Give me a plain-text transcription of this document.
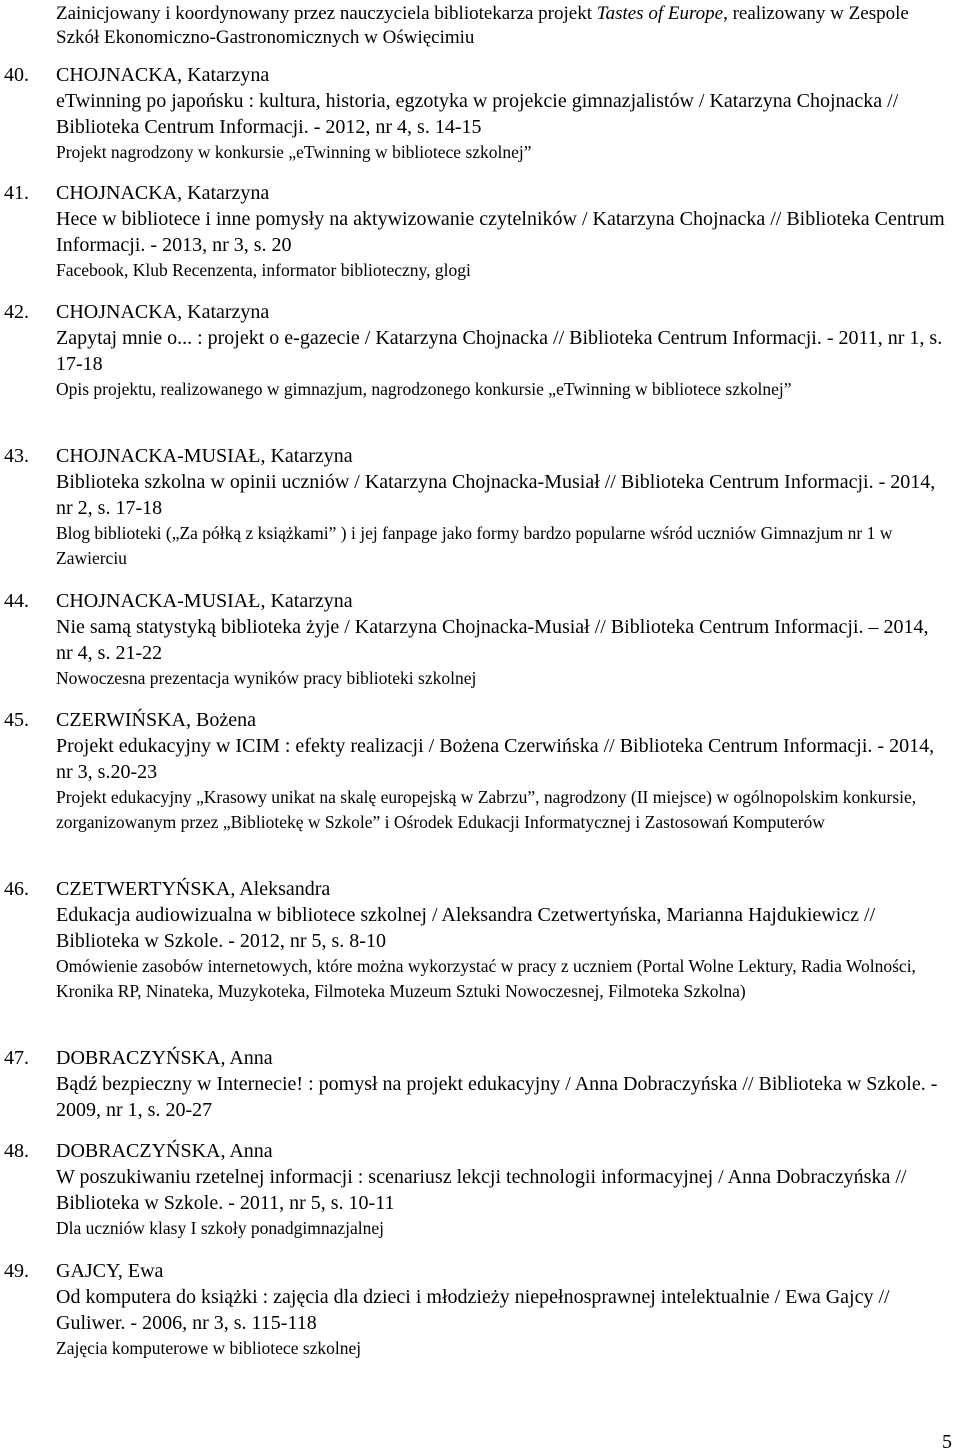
Zainicjowany i koordynowany przez nauczyciela bibliotekarza projekt Tastes of Europe, realizowany w Zespole Szkół Ekonomiczno-Gastronomicznych w Oświęcimiu
40. CHOJNACKA, Katarzyna
eTwinning po japońsku : kultura, historia, egzotyka w projekcie gimnazjalistów / Katarzyna Chojnacka // Biblioteka Centrum Informacji. - 2012, nr 4, s. 14-15
Projekt nagrodzony w konkursie „eTwinning w bibliotece szkolnej”
41. CHOJNACKA, Katarzyna
Hece w bibliotece i inne pomysły na aktywizowanie czytelników / Katarzyna Chojnacka // Biblioteka Centrum Informacji. - 2013, nr 3, s. 20
Facebook, Klub Recenzenta, informator biblioteczny, glogi
42. CHOJNACKA, Katarzyna
Zapytaj mnie o... : projekt o e-gazecie / Katarzyna Chojnacka // Biblioteka Centrum Informacji. - 2011, nr 1, s. 17-18
Opis projektu, realizowanego w gimnazjum, nagrodzonego konkursie „eTwinning w bibliotece szkolnej”
43. CHOJNACKA-MUSIAŁ, Katarzyna
Biblioteka szkolna w opinii uczniów / Katarzyna Chojnacka-Musiał // Biblioteka Centrum Informacji. - 2014, nr 2, s. 17-18
Blog biblioteki („Za półką z książkami” ) i jej fanpage jako formy bardzo popularne wśród uczniów Gimnazjum nr 1 w Zawierciu
44. CHOJNACKA-MUSIAŁ, Katarzyna
Nie samą statystyką biblioteka żyje / Katarzyna Chojnacka-Musiał // Biblioteka Centrum Informacji. – 2014, nr 4, s. 21-22
Nowoczesna prezentacja wyników pracy biblioteki szkolnej
45. CZERWIŃSKA, Bożena
Projekt edukacyjny w ICIM : efekty realizacji / Bożena Czerwińska // Biblioteka Centrum Informacji. - 2014, nr 3, s.20-23
Projekt edukacyjny „Krasowy unikat na skalę europejską w Zabrzu”, nagrodzony (II miejsce) w ogólnopolskim konkursie, zorganizowanym przez „Bibliotekę w Szkole” i Ośrodek Edukacji Informatycznej i Zastosowań Komputerów
46. CZETWERTYŃSKA, Aleksandra
Edukacja audiowizualna w bibliotece szkolnej / Aleksandra Czetwertyńska, Marianna Hajdukiewicz // Biblioteka w Szkole. - 2012, nr 5, s. 8-10
Omówienie zasobów internetowych, które można wykorzystać w pracy z uczniem (Portal Wolne Lektury, Radia Wolności, Kronika RP, Ninateka, Muzykoteka, Filmoteka Muzeum Sztuki Nowoczesnej, Filmoteka Szkolna)
47. DOBRACZYŃSKA, Anna
Bądź bezpieczny w Internecie! : pomysł na projekt edukacyjny / Anna Dobraczyńska // Biblioteka w Szkole. - 2009, nr 1, s. 20-27
48. DOBRACZYŃSKA, Anna
W poszukiwaniu rzetelnej informacji : scenariusz lekcji technologii informacyjnej / Anna Dobraczyńska // Biblioteka w Szkole. - 2011, nr 5, s. 10-11
Dla uczniów klasy I szkoły ponadgimnazjalnej
49. GAJCY, Ewa
Od komputera do książki : zajęcia dla dzieci i młodzieży niepełnosprawnej intelektualnie / Ewa Gajcy // Guliwer. - 2006, nr 3, s. 115-118
Zajęcia komputerowe w bibliotece szkolnej
5
